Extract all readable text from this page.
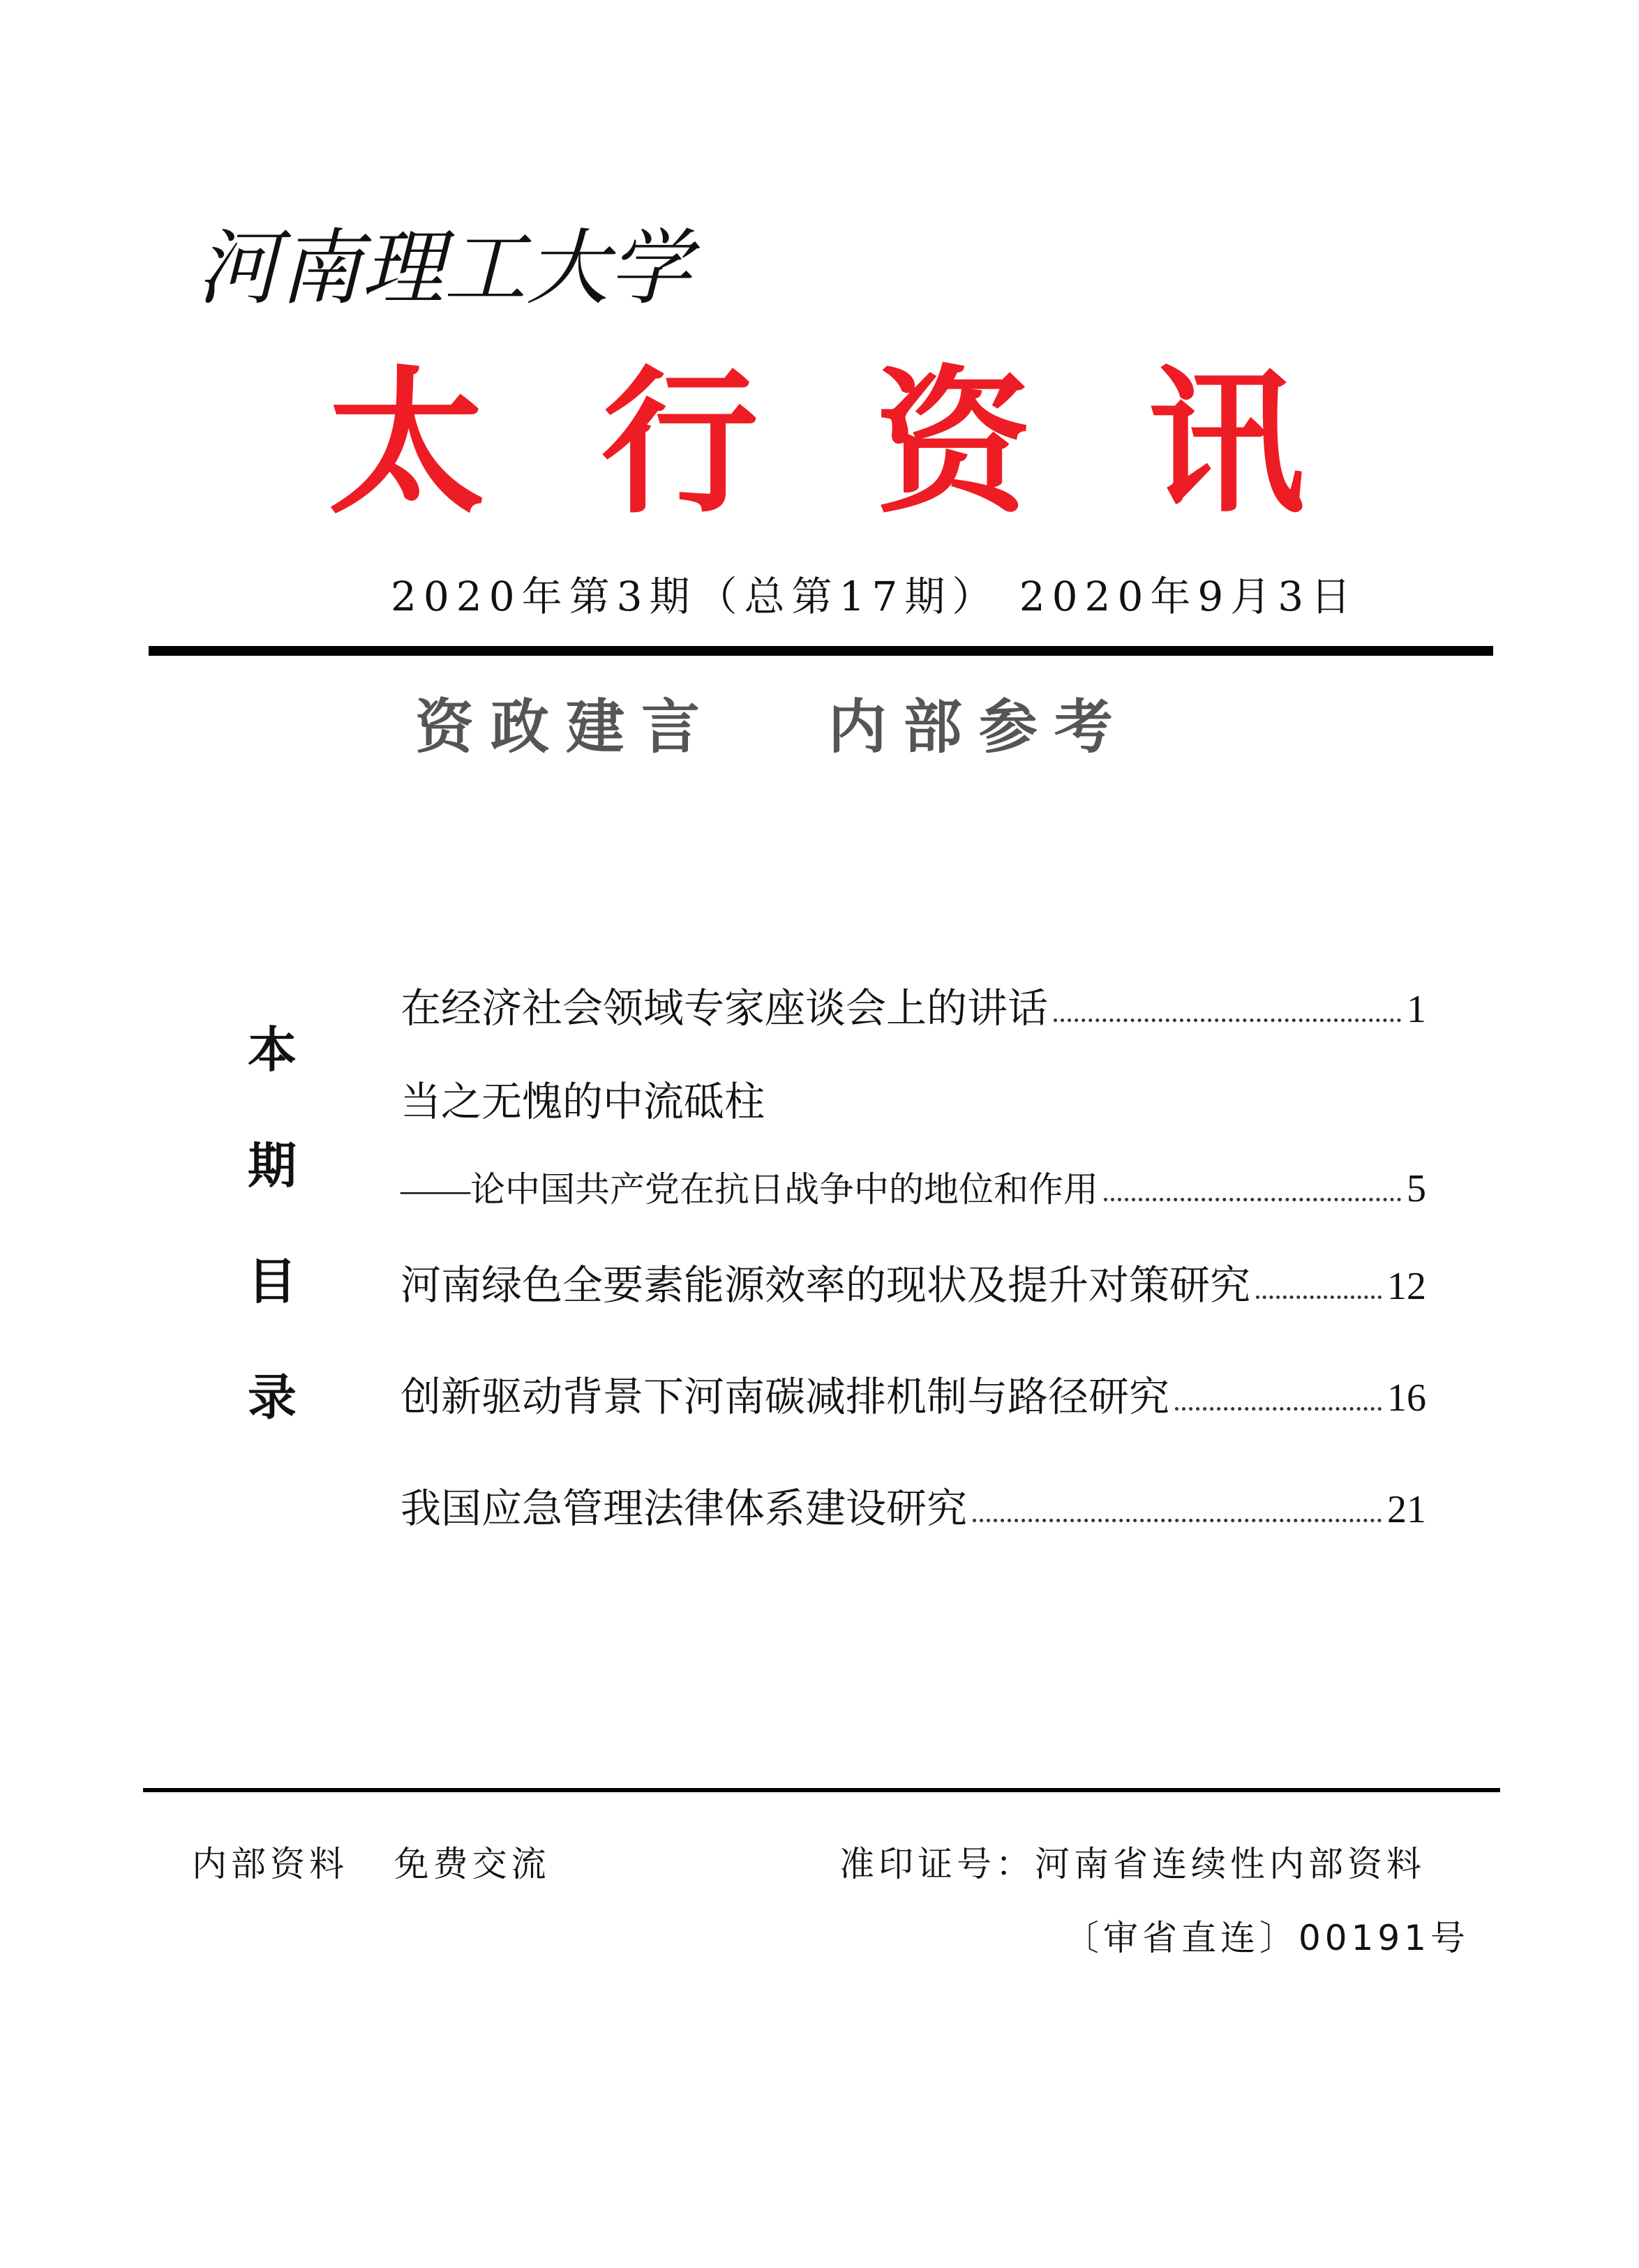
河南理工大学
太 行 资 讯
2020年第3期（总第17期） 2020年9月3日
资政建言   内部参考
本
期
目
录
在经济社会领域专家座谈会上的讲话	1
当之无愧的中流砥柱
——论中国共产党在抗日战争中的地位和作用	5
河南绿色全要素能源效率的现状及提升对策研究	12
创新驱动背景下河南碳减排机制与路径研究	16
我国应急管理法律体系建设研究	21
内部资料   免费交流	准印证号：河南省连续性内部资料
〔审省直连〕00191号
